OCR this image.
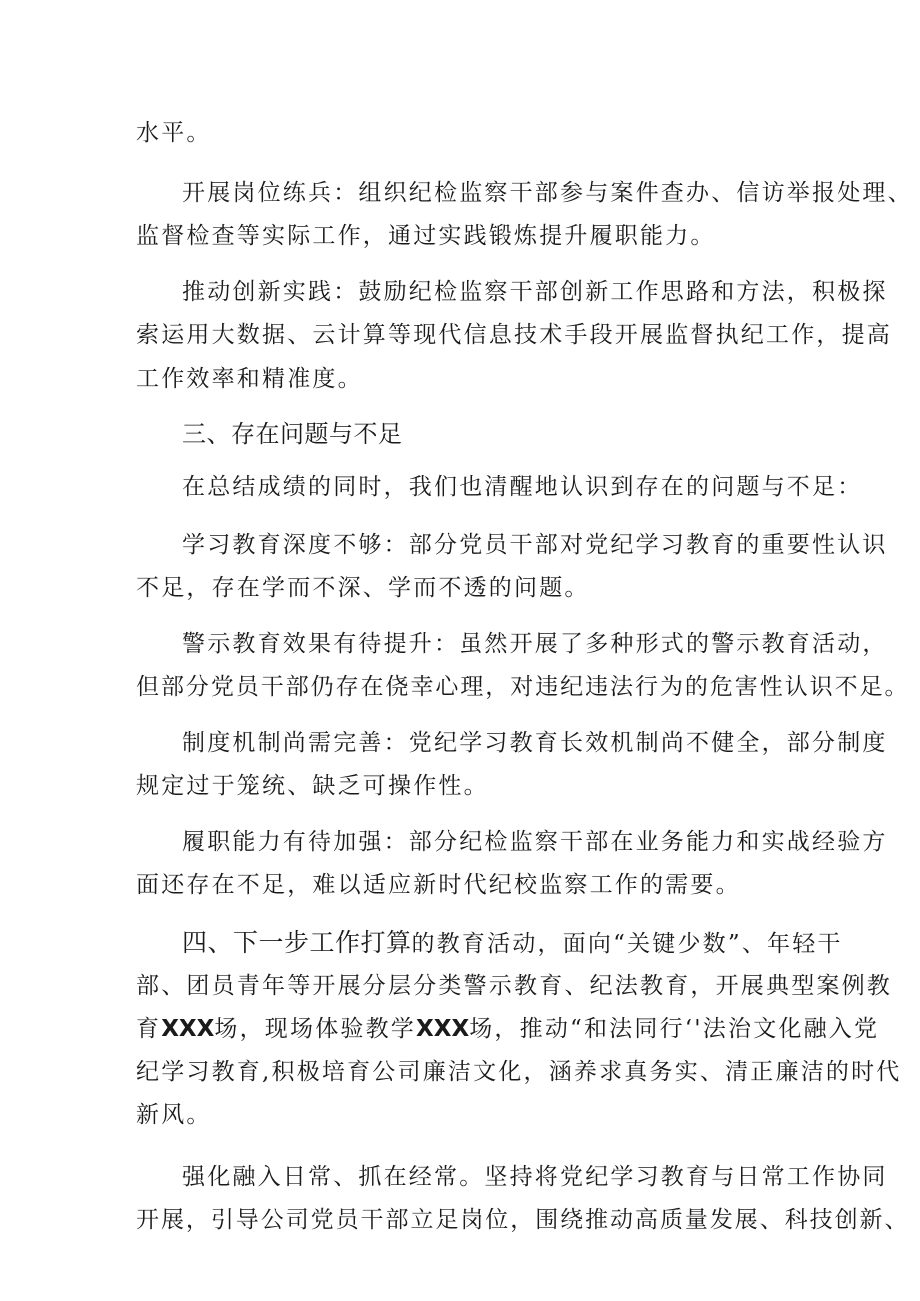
水平。
开展岗位练兵：组织纪检监察干部参与案件查办、信访举报处理、
监督检查等实际工作，通过实践锻炼提升履职能力。
推动创新实践：鼓励纪检监察干部创新工作思路和方法，积极探
索运用大数据、云计算等现代信息技术手段开展监督执纪工作，提高
工作效率和精准度。
三、存在问题与不足
在总结成绩的同时，我们也清醒地认识到存在的问题与不足：
学习教育深度不够：部分党员干部对党纪学习教育的重要性认识
不足，存在学而不深、学而不透的问题。
警示教育效果有待提升：虽然开展了多种形式的警示教育活动，
但部分党员干部仍存在侥幸心理，对违纪违法行为的危害性认识不足。
制度机制尚需完善：党纪学习教育长效机制尚不健全，部分制度
规定过于笼统、缺乏可操作性。
履职能力有待加强：部分纪检监察干部在业务能力和实战经验方
面还存在不足，难以适应新时代纪校监察工作的需要。
四、下一步工作打算的教育活动，面向“关键少数”、年轻干
部、团员青年等开展分层分类警示教育、纪法教育，开展典型案例教
育XXX场，现场体验教学XXX场，推动“和法同行‘'法治文化融入党
纪学习教育,积极培育公司廉洁文化，涵养求真务实、清正廉洁的时代
新风。
强化融入日常、抓在经常。坚持将党纪学习教育与日常工作协同
开展，引导公司党员干部立足岗位，围绕推动高质量发展、科技创新、
